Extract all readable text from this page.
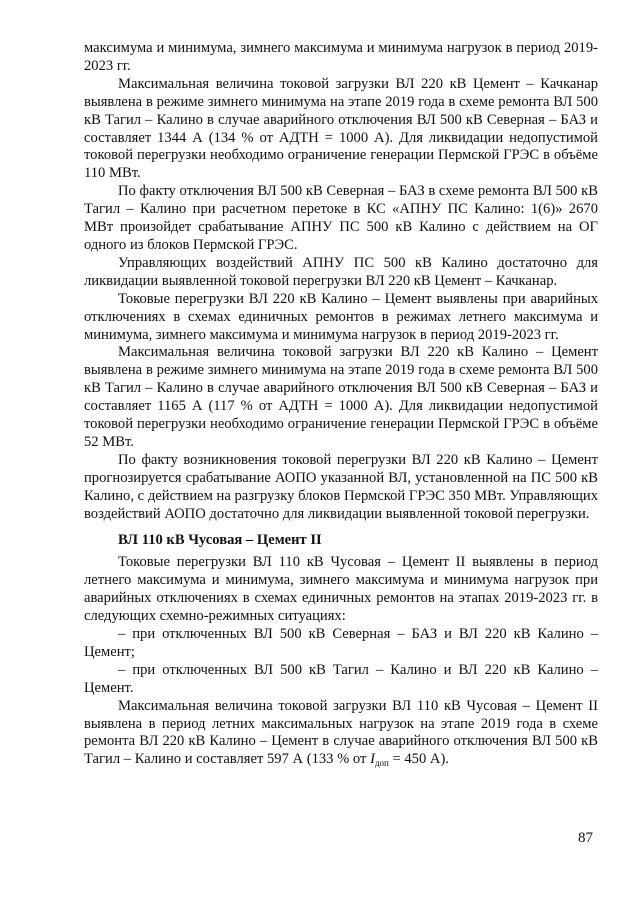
максимума и минимума, зимнего максимума и минимума нагрузок в период 2019-2023 гг.

Максимальная величина токовой загрузки ВЛ 220 кВ Цемент – Качканар выявлена в режиме зимнего минимума на этапе 2019 года в схеме ремонта ВЛ 500 кВ Тагил – Калино в случае аварийного отключения ВЛ 500 кВ Северная – БАЗ и составляет 1344 А (134 % от АДТН = 1000 А). Для ликвидации недопустимой токовой перегрузки необходимо ограничение генерации Пермской ГРЭС в объёме 110 МВт.

По факту отключения ВЛ 500 кВ Северная – БАЗ в схеме ремонта ВЛ 500 кВ Тагил – Калино при расчетном перетоке в КС «АПНУ ПС Калино: 1(6)» 2670 МВт произойдет срабатывание АПНУ ПС 500 кВ Калино с действием на ОГ одного из блоков Пермской ГРЭС.

Управляющих воздействий АПНУ ПС 500 кВ Калино достаточно для ликвидации выявленной токовой перегрузки ВЛ 220 кВ Цемент – Качканар.

Токовые перегрузки ВЛ 220 кВ Калино – Цемент выявлены при аварийных отключениях в схемах единичных ремонтов в режимах летнего максимума и минимума, зимнего максимума и минимума нагрузок в период 2019-2023 гг.

Максимальная величина токовой загрузки ВЛ 220 кВ Калино – Цемент выявлена в режиме зимнего минимума на этапе 2019 года в схеме ремонта ВЛ 500 кВ Тагил – Калино в случае аварийного отключения ВЛ 500 кВ Северная – БАЗ и составляет 1165 А (117 % от АДТН = 1000 А). Для ликвидации недопустимой токовой перегрузки необходимо ограничение генерации Пермской ГРЭС в объёме 52 МВт.

По факту возникновения токовой перегрузки ВЛ 220 кВ Калино – Цемент прогнозируется срабатывание АОПО указанной ВЛ, установленной на ПС 500 кВ Калино, с действием на разгрузку блоков Пермской ГРЭС 350 МВт. Управляющих воздействий АОПО достаточно для ликвидации выявленной токовой перегрузки.

ВЛ 110 кВ Чусовая – Цемент II

Токовые перегрузки ВЛ 110 кВ Чусовая – Цемент II выявлены в период летнего максимума и минимума, зимнего максимума и минимума нагрузок при аварийных отключениях в схемах единичных ремонтов на этапах 2019-2023 гг. в следующих схемно-режимных ситуациях:

– при отключенных ВЛ 500 кВ Северная – БАЗ и ВЛ 220 кВ Калино – Цемент;

– при отключенных ВЛ 500 кВ Тагил – Калино и ВЛ 220 кВ Калино – Цемент.

Максимальная величина токовой загрузки ВЛ 110 кВ Чусовая – Цемент II выявлена в период летних максимальных нагрузок на этапе 2019 года в схеме ремонта ВЛ 220 кВ Калино – Цемент в случае аварийного отключения ВЛ 500 кВ Тагил – Калино и составляет 597 А (133 % от $I_{доп} = 450$ А).

87
